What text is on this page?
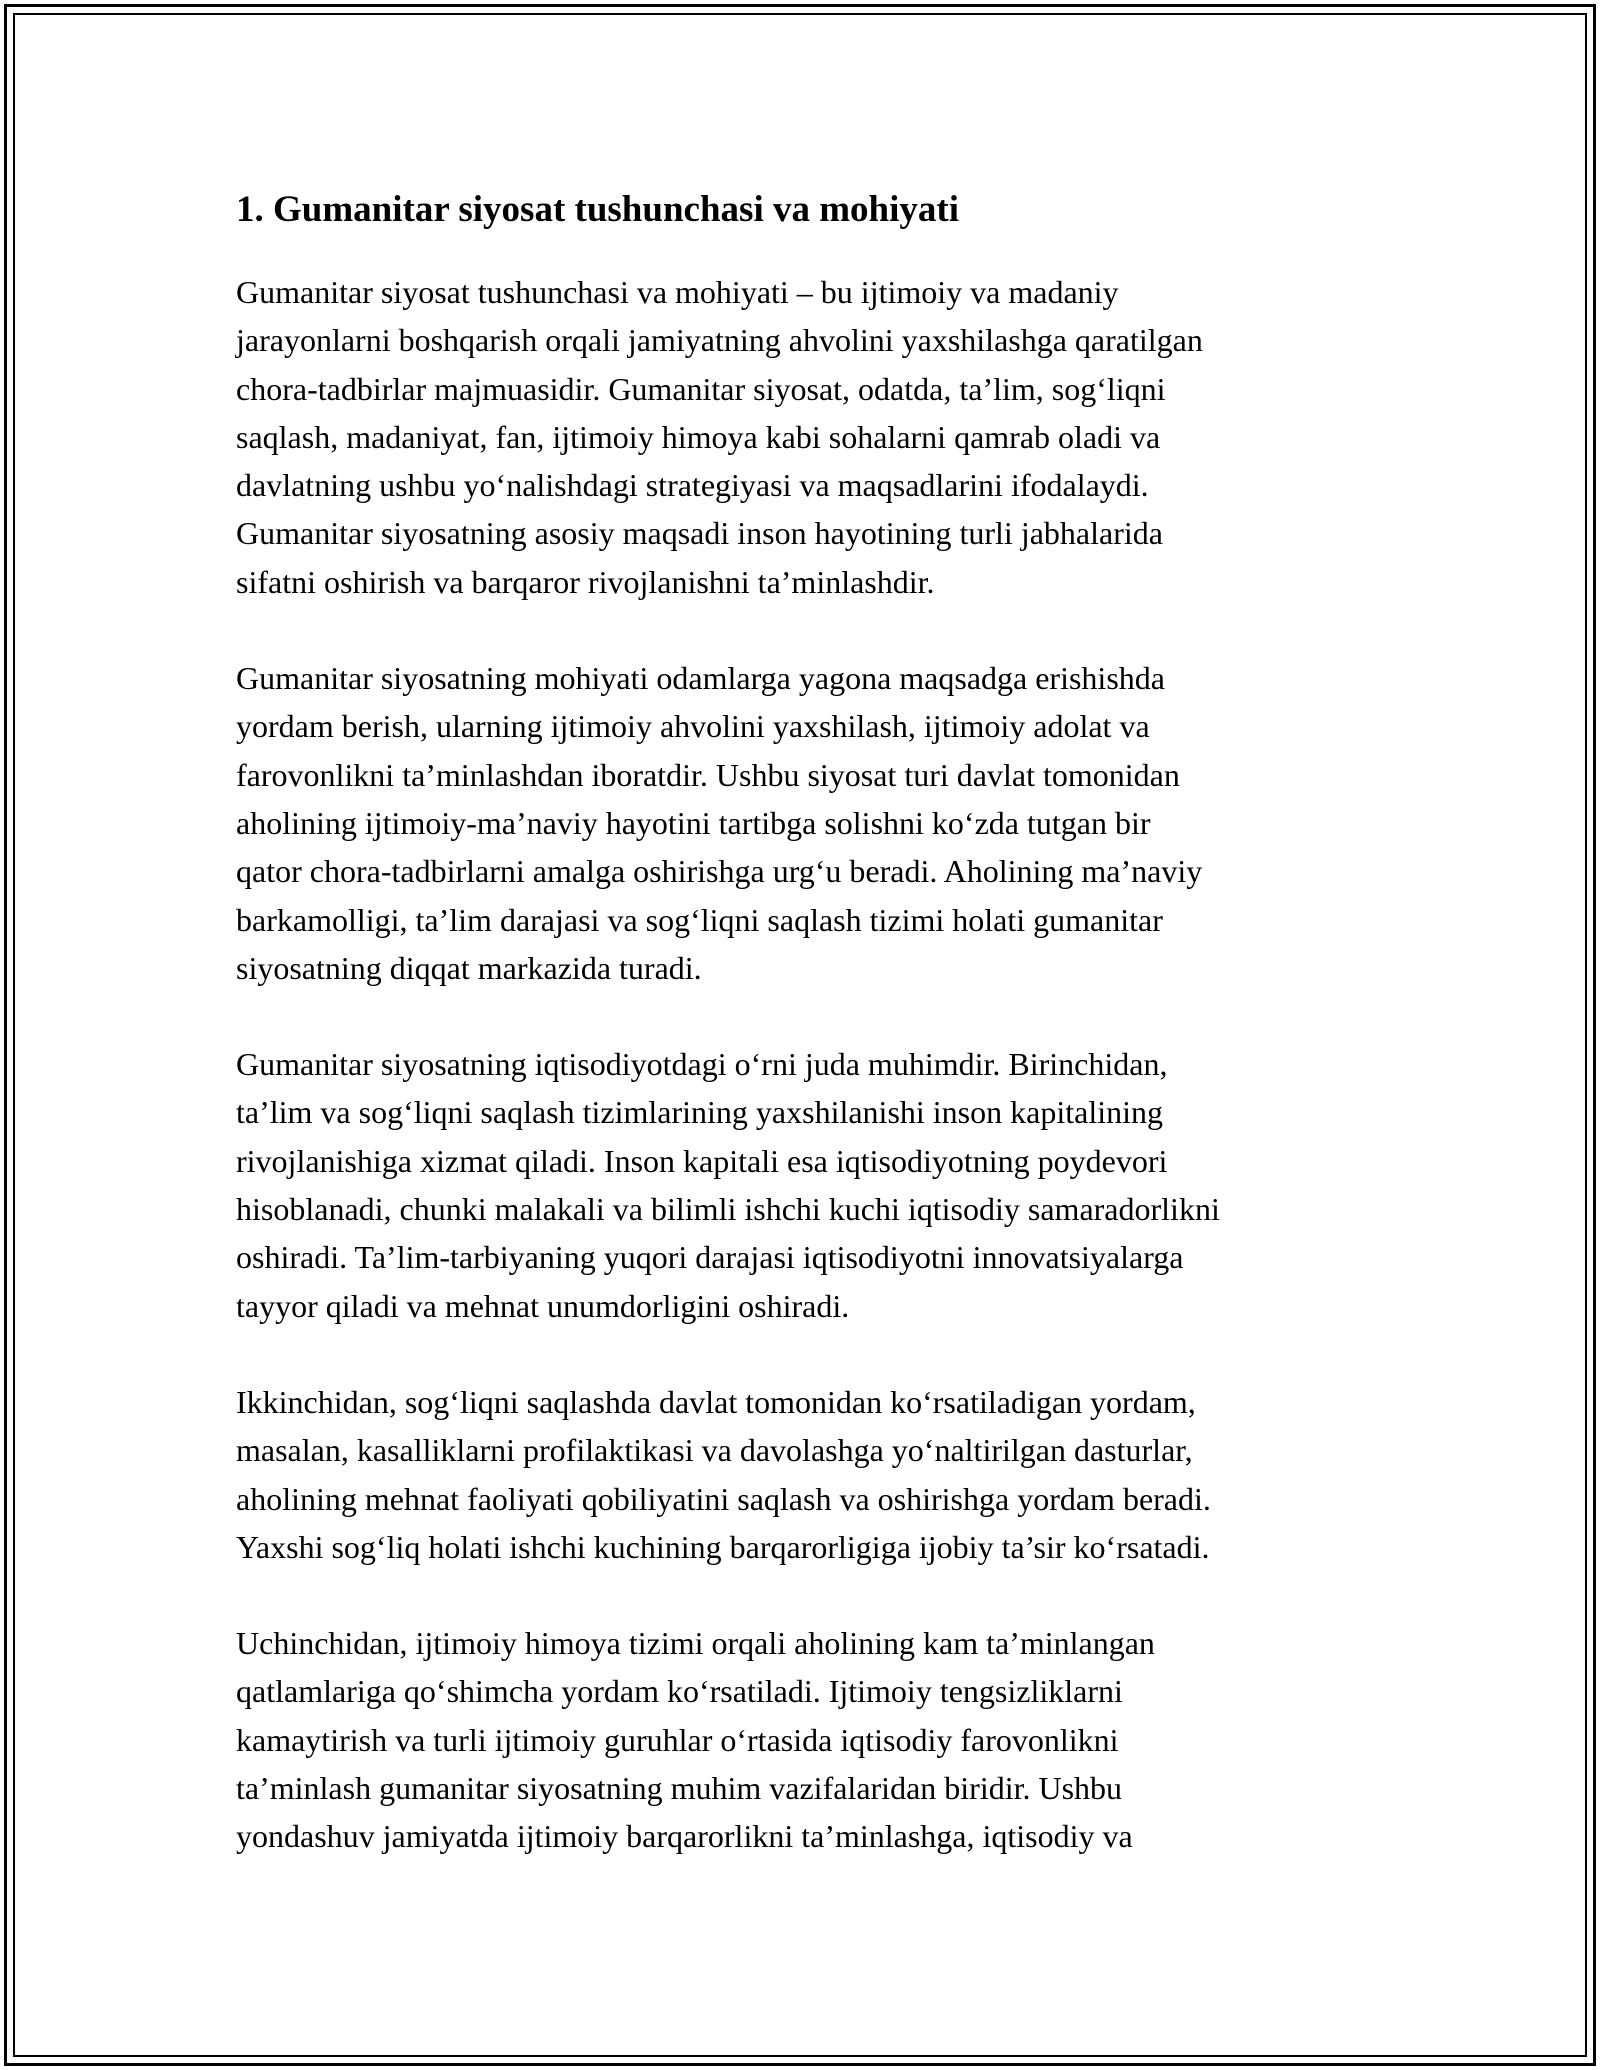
1. Gumanitar siyosat tushunchasi va mohiyati

Gumanitar siyosat tushunchasi va mohiyati – bu ijtimoiy va madaniy
jarayonlarni boshqarish orqali jamiyatning ahvolini yaxshilashga qaratilgan
chora-tadbirlar majmuasidir. Gumanitar siyosat, odatda, ta’lim, sog‘liqni
saqlash, madaniyat, fan, ijtimoiy himoya kabi sohalarni qamrab oladi va
davlatning ushbu yo‘nalishdagi strategiyasi va maqsadlarini ifodalaydi.
Gumanitar siyosatning asosiy maqsadi inson hayotining turli jabhalarida
sifatni oshirish va barqaror rivojlanishni ta’minlashdir.

Gumanitar siyosatning mohiyati odamlarga yagona maqsadga erishishda
yordam berish, ularning ijtimoiy ahvolini yaxshilash, ijtimoiy adolat va
farovonlikni ta’minlashdan iboratdir. Ushbu siyosat turi davlat tomonidan
aholining ijtimoiy-ma’naviy hayotini tartibga solishni ko‘zda tutgan bir
qator chora-tadbirlarni amalga oshirishga urg‘u beradi. Aholining ma’naviy
barkamolligi, ta’lim darajasi va sog‘liqni saqlash tizimi holati gumanitar
siyosatning diqqat markazida turadi.

Gumanitar siyosatning iqtisodiyotdagi o‘rni juda muhimdir. Birinchidan,
ta’lim va sog‘liqni saqlash tizimlarining yaxshilanishi inson kapitalining
rivojlanishiga xizmat qiladi. Inson kapitali esa iqtisodiyotning poydevori
hisoblanadi, chunki malakali va bilimli ishchi kuchi iqtisodiy samaradorlikni
oshiradi. Ta’lim-tarbiyaning yuqori darajasi iqtisodiyotni innovatsiyalarga
tayyor qiladi va mehnat unumdorligini oshiradi.

Ikkinchidan, sog‘liqni saqlashda davlat tomonidan ko‘rsatiladigan yordam,
masalan, kasalliklarni profilaktikasi va davolashga yo‘naltirilgan dasturlar,
aholining mehnat faoliyati qobiliyatini saqlash va oshirishga yordam beradi.
Yaxshi sog‘liq holati ishchi kuchining barqarorligiga ijobiy ta’sir ko‘rsatadi.

Uchinchidan, ijtimoiy himoya tizimi orqali aholining kam ta’minlangan
qatlamlariga qo‘shimcha yordam ko‘rsatiladi. Ijtimoiy tengsizliklarni
kamaytirish va turli ijtimoiy guruhlar o‘rtasida iqtisodiy farovonlikni
ta’minlash gumanitar siyosatning muhim vazifalaridan biridir. Ushbu
yondashuv jamiyatda ijtimoiy barqarorlikni ta’minlashga, iqtisodiy va
